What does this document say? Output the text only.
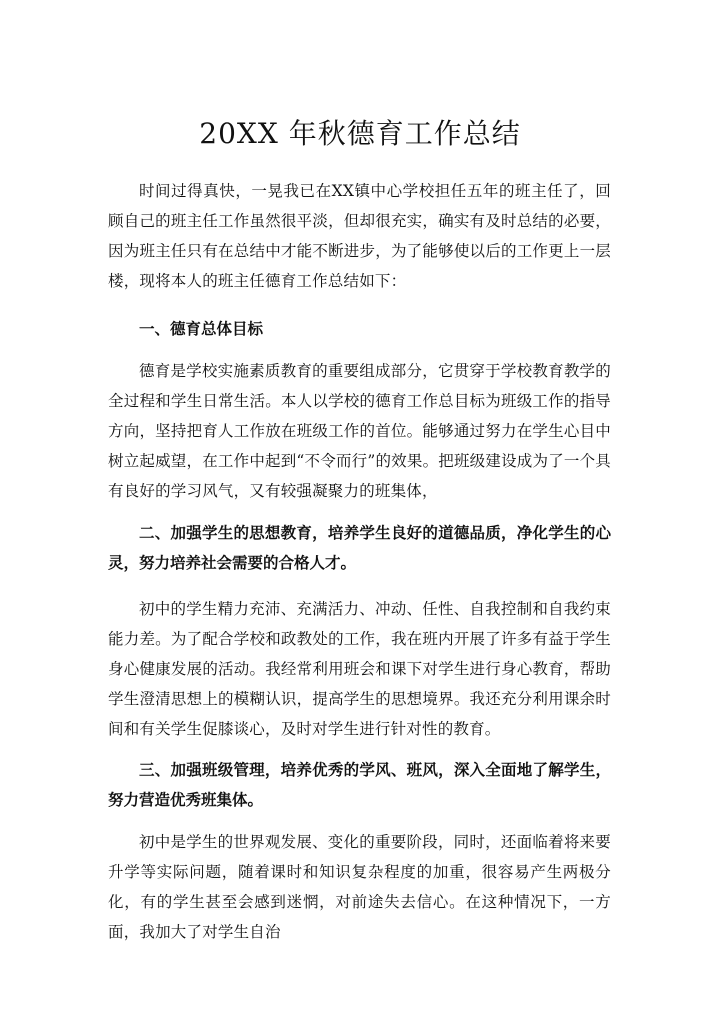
20XX 年秋德育工作总结

时间过得真快，一晃我已在XX镇中心学校担任五年的班主任了，回顾自己的班主任工作虽然很平淡，但却很充实，确实有及时总结的必要，因为班主任只有在总结中才能不断进步，为了能够使以后的工作更上一层楼，现将本人的班主任德育工作总结如下：

一、德育总体目标

德育是学校实施素质教育的重要组成部分，它贯穿于学校教育教学的全过程和学生日常生活。本人以学校的德育工作总目标为班级工作的指导方向，坚持把育人工作放在班级工作的首位。能够通过努力在学生心目中树立起威望，在工作中起到“不令而行”的效果。把班级建设成为了一个具有良好的学习风气，又有较强凝聚力的班集体，

二、加强学生的思想教育，培养学生良好的道德品质，净化学生的心灵，努力培养社会需要的合格人才。

初中的学生精力充沛、充满活力、冲动、任性、自我控制和自我约束能力差。为了配合学校和政教处的工作，我在班内开展了许多有益于学生身心健康发展的活动。我经常利用班会和课下对学生进行身心教育，帮助学生澄清思想上的模糊认识，提高学生的思想境界。我还充分利用课余时间和有关学生促膝谈心，及时对学生进行针对性的教育。

三、加强班级管理，培养优秀的学风、班风，深入全面地了解学生，努力营造优秀班集体。

初中是学生的世界观发展、变化的重要阶段，同时，还面临着将来要升学等实际问题，随着课时和知识复杂程度的加重，很容易产生两极分化，有的学生甚至会感到迷惘，对前途失去信心。在这种情况下，一方面，我加大了对学生自治
